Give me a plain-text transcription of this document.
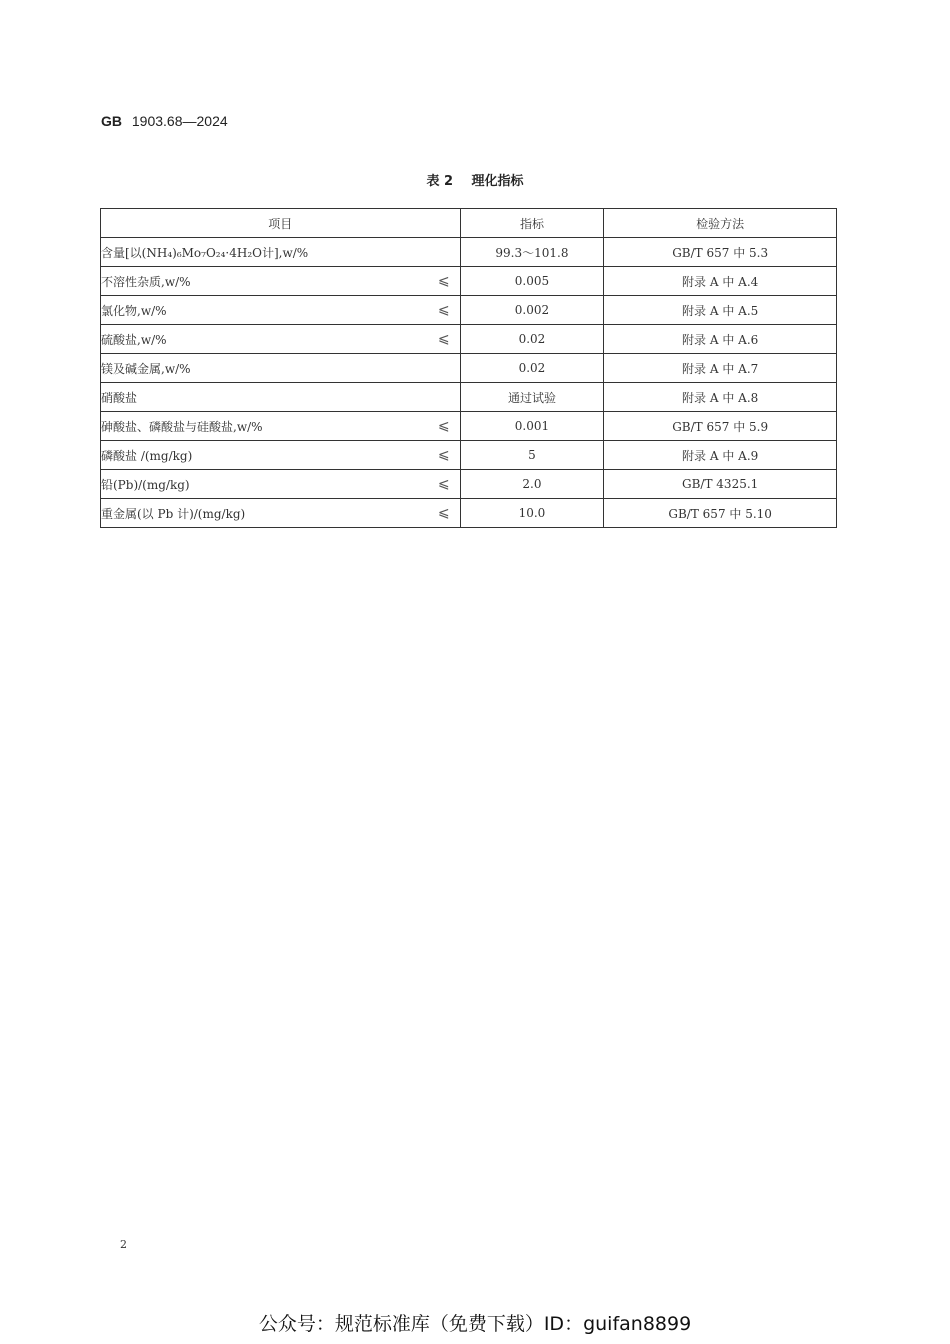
GB 1903.68—2024
表 2 理化指标
项目	指标	检验方法
含量[以(NH₄)₆Mo₇O₂₄·4H₂O计],w/%	99.3～101.8	GB/T 657 中 5.3
不溶性杂质,w/% ⩽	0.005	附录 A 中 A.4
氯化物,w/% ⩽	0.002	附录 A 中 A.5
硫酸盐,w/% ⩽	0.02	附录 A 中 A.6
镁及碱金属,w/%	0.02	附录 A 中 A.7
硝酸盐	通过试验	附录 A 中 A.8
砷酸盐、磷酸盐与硅酸盐,w/% ⩽	0.001	GB/T 657 中 5.9
磷酸盐 /(mg/kg) ⩽	5	附录 A 中 A.9
铅(Pb)/(mg/kg) ⩽	2.0	GB/T 4325.1
重金属(以 Pb 计)/(mg/kg) ⩽	10.0	GB/T 657 中 5.10
2
公众号：规范标准库（免费下载）ID：guifan8899
